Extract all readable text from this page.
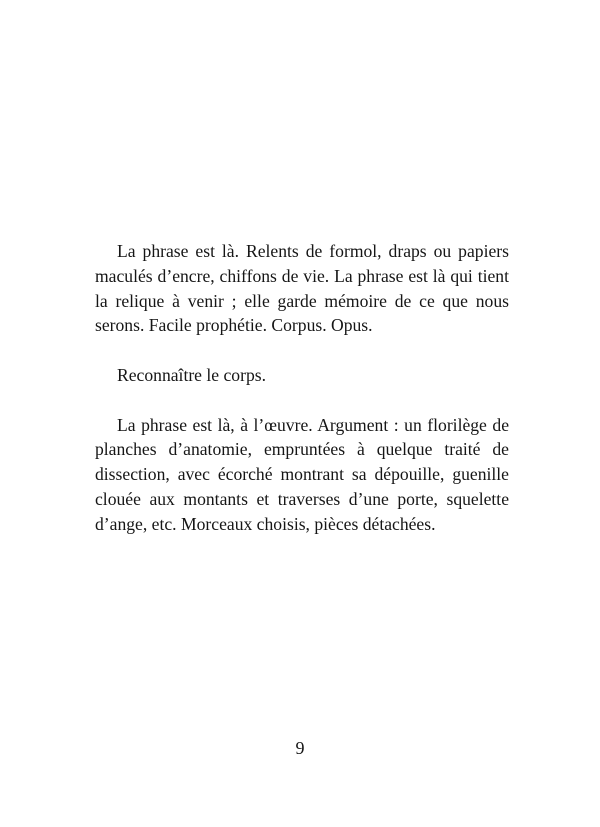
La phrase est là. Relents de formol, draps ou papiers maculés d’encre, chiffons de vie. La phrase est là qui tient la relique à venir ; elle garde mémoire de ce que nous serons. Facile prophétie. Corpus. Opus.

Reconnaître le corps.

La phrase est là, à l’œuvre. Argument : un florilège de planches d’anatomie, empruntées à quelque traité de dissection, avec écorché montrant sa dépouille, guenille clouée aux montants et traverses d’une porte, squelette d’ange, etc. Morceaux choisis, pièces détachées.

9
